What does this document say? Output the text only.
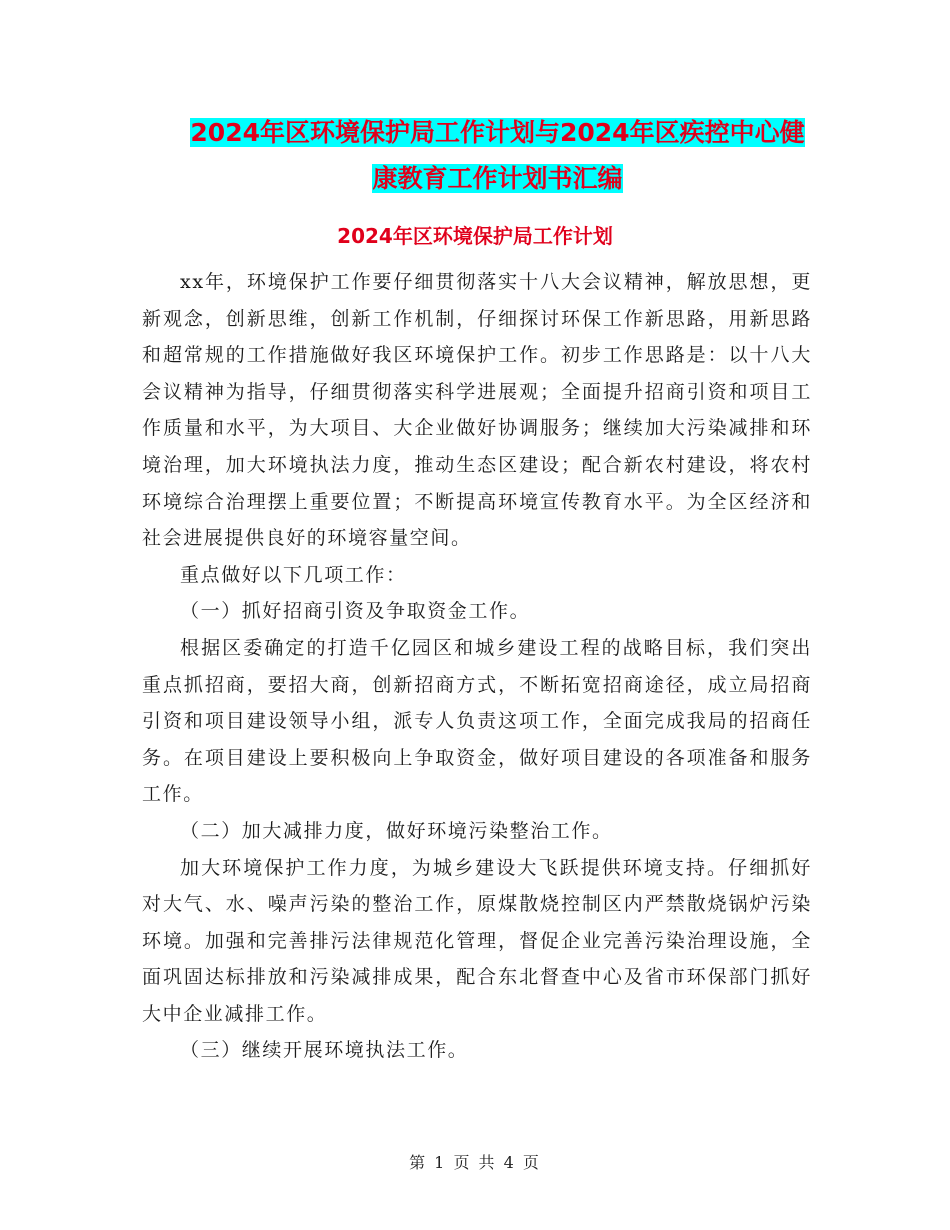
2024年区环境保护局工作计划与2024年区疾控中心健
康教育工作计划书汇编
2024年区环境保护局工作计划

xx年，环境保护工作要仔细贯彻落实十八大会议精神，解放思想，更新观念，创新思维，创新工作机制，仔细探讨环保工作新思路，用新思路和超常规的工作措施做好我区环境保护工作。初步工作思路是：以十八大会议精神为指导，仔细贯彻落实科学进展观；全面提升招商引资和项目工作质量和水平，为大项目、大企业做好协调服务；继续加大污染减排和环境治理，加大环境执法力度，推动生态区建设；配合新农村建设，将农村环境综合治理摆上重要位置；不断提高环境宣传教育水平。为全区经济和社会进展提供良好的环境容量空间。

重点做好以下几项工作：

（一）抓好招商引资及争取资金工作。

根据区委确定的打造千亿园区和城乡建设工程的战略目标，我们突出重点抓招商，要招大商，创新招商方式，不断拓宽招商途径，成立局招商引资和项目建设领导小组，派专人负责这项工作，全面完成我局的招商任务。在项目建设上要积极向上争取资金，做好项目建设的各项准备和服务工作。

（二）加大减排力度，做好环境污染整治工作。

加大环境保护工作力度，为城乡建设大飞跃提供环境支持。仔细抓好对大气、水、噪声污染的整治工作，原煤散烧控制区内严禁散烧锅炉污染环境。加强和完善排污法律规范化管理，督促企业完善污染治理设施，全面巩固达标排放和污染减排成果，配合东北督查中心及省市环保部门抓好大中企业减排工作。

（三）继续开展环境执法工作。

第 1 页 共 4 页
